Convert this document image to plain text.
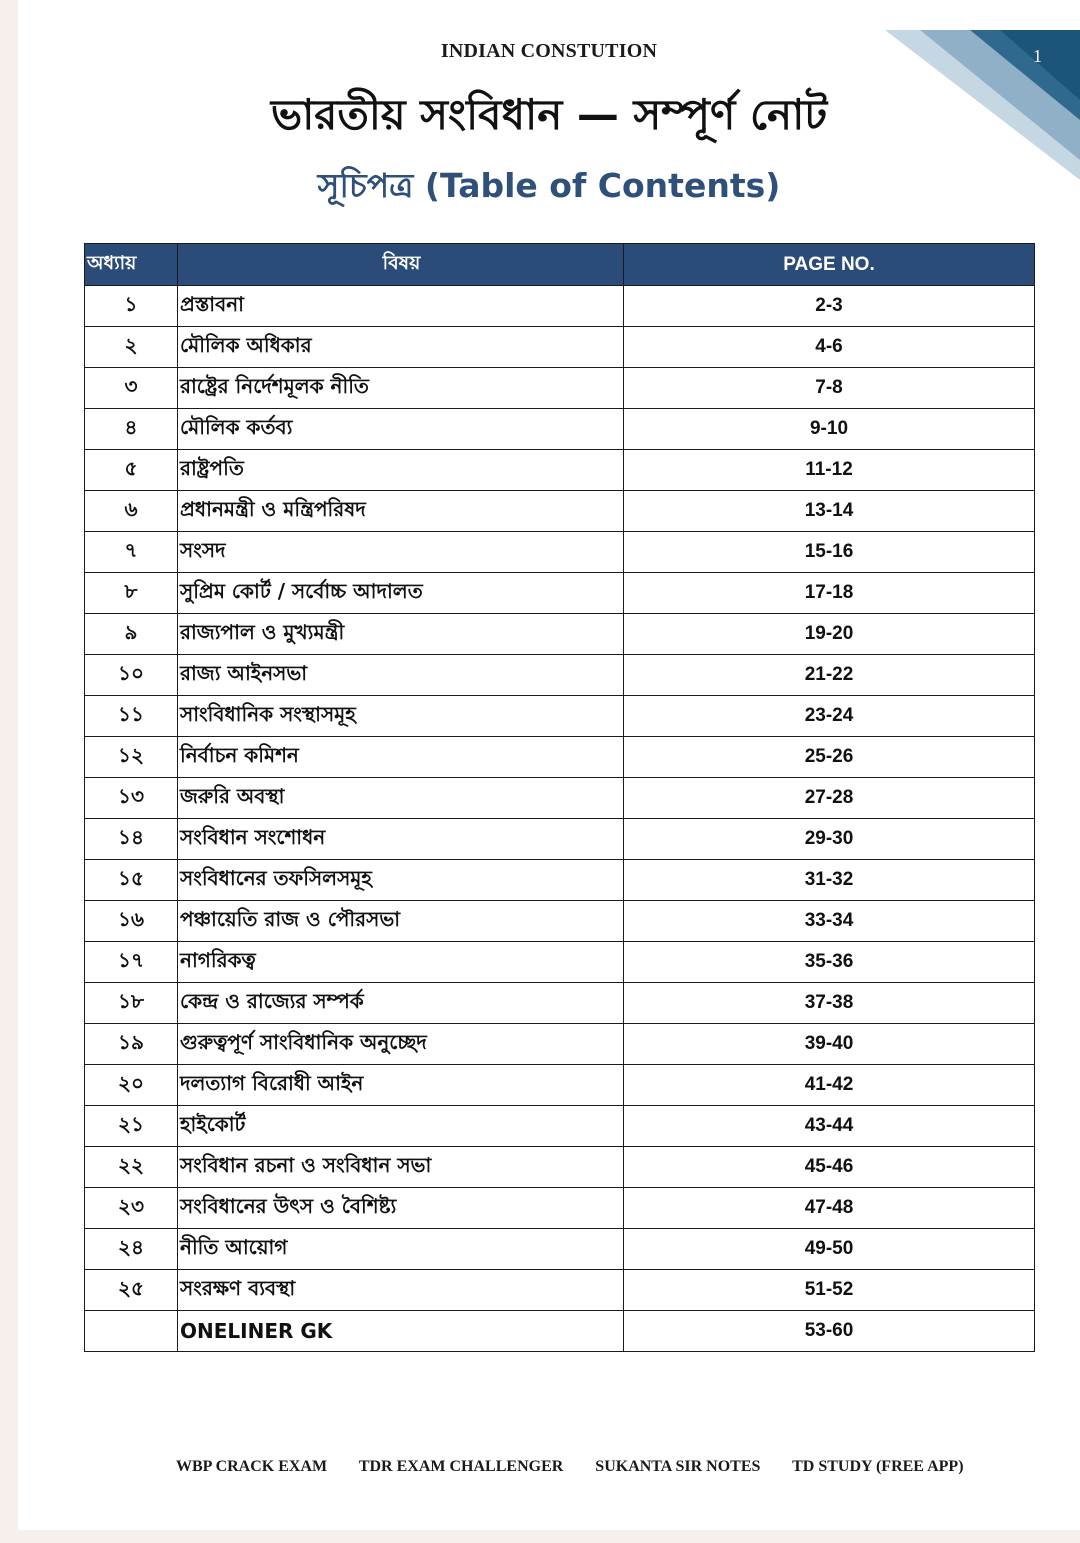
1
INDIAN CONSTUTION
ভারতীয় সংবিধান — সম্পূর্ণ নোট
সূচিপত্র (Table of Contents)
অধ্যায়	বিষয়	PAGE NO.
১	প্রস্তাবনা	2-3
২	মৌলিক অধিকার	4-6
৩	রাষ্ট্রের নির্দেশমূলক নীতি	7-8
৪	মৌলিক কর্তব্য	9-10
৫	রাষ্ট্রপতি	11-12
৬	প্রধানমন্ত্রী ও মন্ত্রিপরিষদ	13-14
৭	সংসদ	15-16
৮	সুপ্রিম কোর্ট / সর্বোচ্চ আদালত	17-18
৯	রাজ্যপাল ও মুখ্যমন্ত্রী	19-20
১০	রাজ্য আইনসভা	21-22
১১	সাংবিধানিক সংস্থাসমূহ	23-24
১২	নির্বাচন কমিশন	25-26
১৩	জরুরি অবস্থা	27-28
১৪	সংবিধান সংশোধন	29-30
১৫	সংবিধানের তফসিলসমূহ	31-32
১৬	পঞ্চায়েতি রাজ ও পৌরসভা	33-34
১৭	নাগরিকত্ব	35-36
১৮	কেন্দ্র ও রাজ্যের সম্পর্ক	37-38
১৯	গুরুত্বপূর্ণ সাংবিধানিক অনুচ্ছেদ	39-40
২০	দলত্যাগ বিরোধী আইন	41-42
২১	হাইকোর্ট	43-44
২২	সংবিধান রচনা ও সংবিধান সভা	45-46
২৩	সংবিধানের উৎস ও বৈশিষ্ট্য	47-48
২৪	নীতি আয়োগ	49-50
২৫	সংরক্ষণ ব্যবস্থা	51-52
	ONELINER GK	53-60
WBP CRACK EXAM TDR EXAM CHALLENGER SUKANTA SIR NOTES TD STUDY (FREE APP)
